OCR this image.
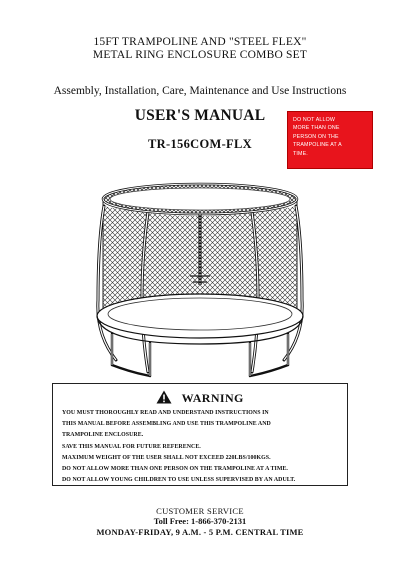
15FT TRAMPOLINE AND "STEEL FLEX"
METAL RING ENCLOSURE COMBO SET
Assembly, Installation, Care, Maintenance and Use Instructions
USER'S MANUAL
TR-156COM-FLX
DO NOT ALLOW
MORE THAN ONE
PERSON ON THE
TRAMPOLINE AT A
TIME.
WARNING
YOU MUST THOROUGHLY READ AND UNDERSTAND INSTRUCTIONS IN
THIS MANUAL BEFORE ASSEMBLING AND USE THIS TRAMPOLINE AND
TRAMPOLINE ENCLOSURE.
SAVE THIS MANUAL FOR FUTURE REFERENCE.
MAXIMUM WEIGHT OF THE USER SHALL NOT EXCEED 220LBS/100KGS.
DO NOT ALLOW MORE THAN ONE PERSON ON THE TRAMPOLINE AT A TIME.
DO NOT ALLOW YOUNG CHILDREN TO USE UNLESS SUPERVISED BY AN ADULT.
CUSTOMER SERVICE
Toll Free: 1-866-370-2131
MONDAY-FRIDAY, 9 A.M. - 5 P.M. CENTRAL TIME
